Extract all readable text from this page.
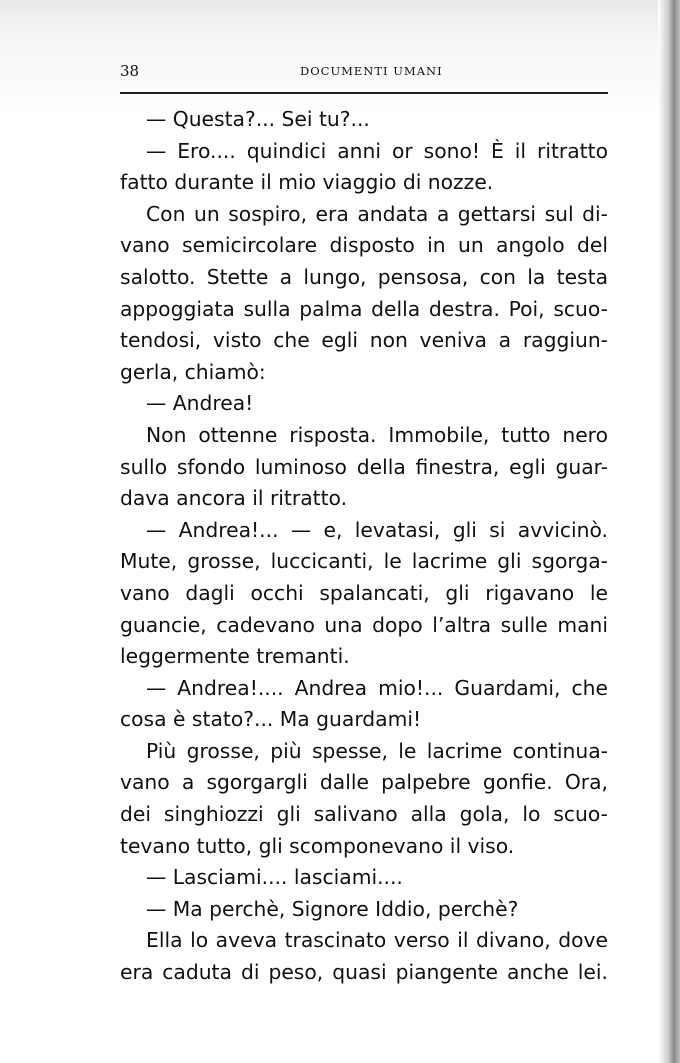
38	DOCUMENTI UMANI
— Questa?... Sei tu?...
— Ero.... quindici anni or sono! È il ritratto
fatto durante il mio viaggio di nozze.
Con un sospiro, era andata a gettarsi sul di-
vano semicircolare disposto in un angolo del
salotto. Stette a lungo, pensosa, con la testa
appoggiata sulla palma della destra. Poi, scuo-
tendosi, visto che egli non veniva a raggiun-
gerla, chiamò:
— Andrea!
Non ottenne risposta. Immobile, tutto nero
sullo sfondo luminoso della finestra, egli guar-
dava ancora il ritratto.
— Andrea!... — e, levatasi, gli si avvicinò.
Mute, grosse, luccicanti, le lacrime gli sgorga-
vano dagli occhi spalancati, gli rigavano le
guancie, cadevano una dopo l’altra sulle mani
leggermente tremanti.
— Andrea!.... Andrea mio!... Guardami, che
cosa è stato?... Ma guardami!
Più grosse, più spesse, le lacrime continua-
vano a sgorgargli dalle palpebre gonfie. Ora,
dei singhiozzi gli salivano alla gola, lo scuo-
tevano tutto, gli scomponevano il viso.
— Lasciami.... lasciami....
— Ma perchè, Signore Iddio, perchè?
Ella lo aveva trascinato verso il divano, dove
era caduta di peso, quasi piangente anche lei.
